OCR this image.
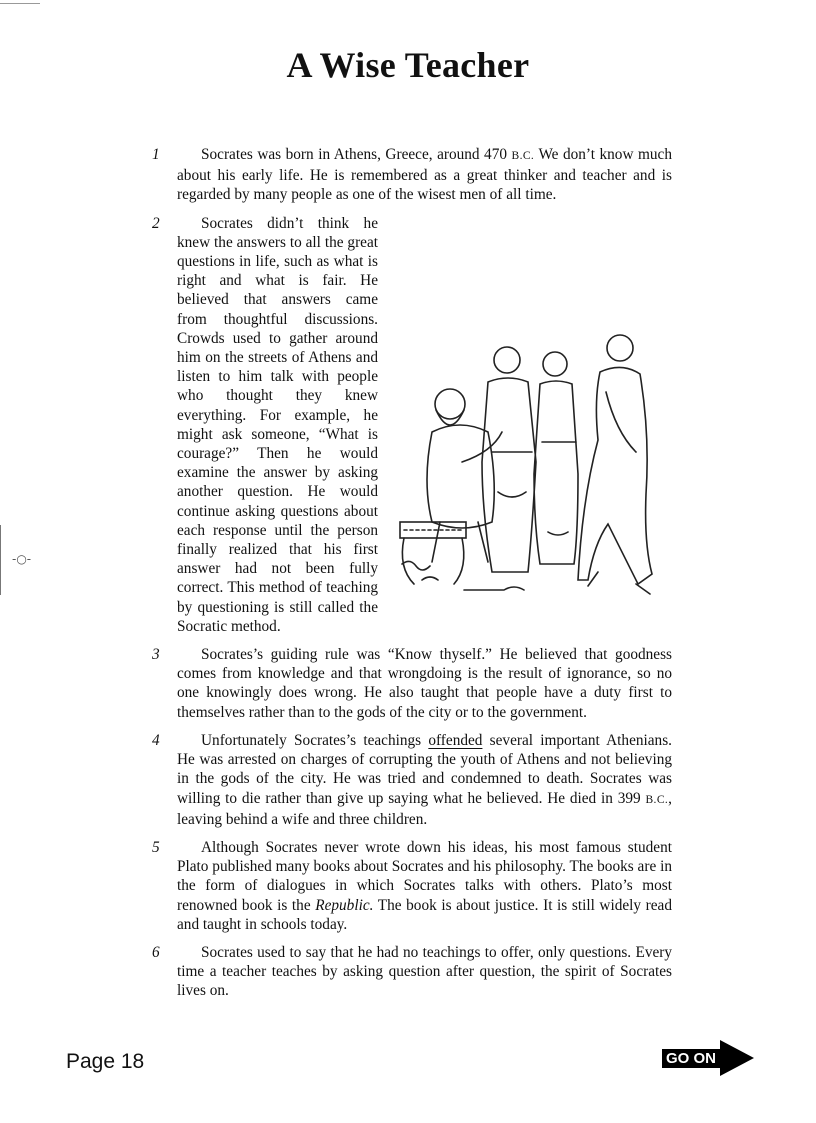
-○-
A Wise Teacher
1	Socrates was born in Athens, Greece, around 470 B.C. We don’t know much about his early life. He is remembered as a great thinker and teacher and is regarded by many people as one of the wisest men of all time.

2	Socrates didn’t think he knew the answers to all the great questions in life, such as what is right and what is fair. He believed that answers came from thoughtful discussions. Crowds used to gather around him on the streets of Athens and listen to him talk with people who thought they knew everything. For example, he might ask someone, “What is courage?” Then he would examine the answer by asking another question. He would continue asking questions about each response until the person finally realized that his first answer had not been fully correct. This method of teaching by questioning is still called the Socratic method.

3	Socrates’s guiding rule was “Know thyself.” He believed that goodness comes from knowledge and that wrongdoing is the result of ignorance, so no one knowingly does wrong. He also taught that people have a duty first to themselves rather than to the gods of the city or to the government.

4	Unfortunately Socrates’s teachings offended several important Athenians. He was arrested on charges of corrupting the youth of Athens and not believing in the gods of the city. He was tried and condemned to death. Socrates was willing to die rather than give up saying what he believed. He died in 399 B.C., leaving behind a wife and three children.

5	Although Socrates never wrote down his ideas, his most famous student Plato published many books about Socrates and his philosophy. The books are in the form of dialogues in which Socrates talks with others. Plato’s most renowned book is the Republic. The book is about justice. It is still widely read and taught in schools today.

6	Socrates used to say that he had no teachings to offer, only questions. Every time a teacher teaches by asking question after question, the spirit of Socrates lives on.

Page 18	GO ON
